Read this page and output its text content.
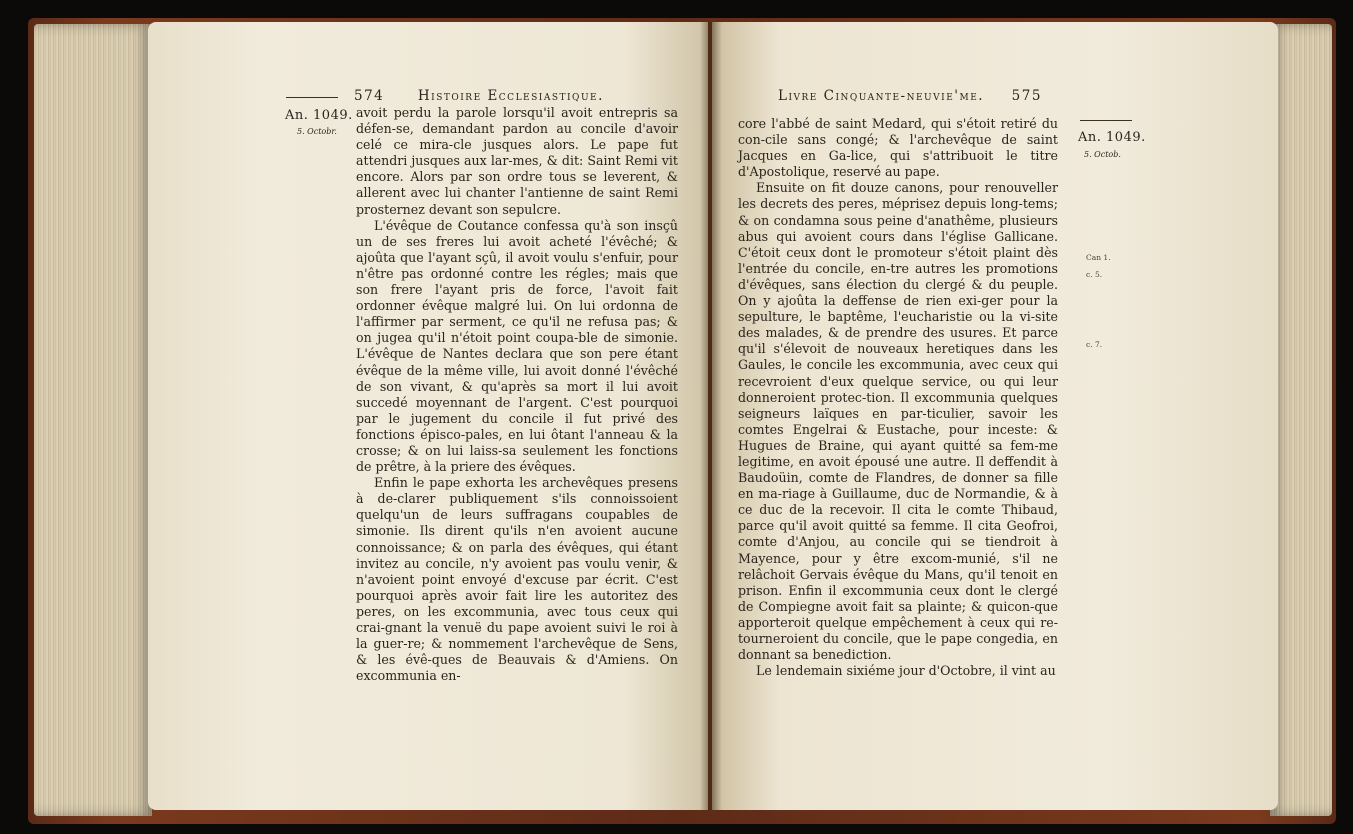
574 Histoire Ecclesiastique.
An. 1049.
5. Octobr.

avoit perdu la parole lorsqu'il avoit entrepris sa défen-se, demandant pardon au concile d'avoir celé ce mira-cle jusques alors. Le pape fut attendri jusques aux lar-mes, & dit: Saint Remi vit encore. Alors par son ordre tous se leverent, & allerent avec lui chanter l'antienne de saint Remi prosternez devant son sepulcre.

L'évêque de Coutance confessa qu'à son insçû un de ses freres lui avoit acheté l'évêché; & ajoûta que l'ayant sçû, il avoit voulu s'enfuir, pour n'être pas ordonné contre les régles; mais que son frere l'ayant pris de force, l'avoit fait ordonner évêque malgré lui. On lui ordonna de l'affirmer par serment, ce qu'il ne refusa pas; & on jugea qu'il n'étoit point coupa-ble de simonie. L'évêque de Nantes declara que son pere étant évêque de la même ville, lui avoit donné l'évêché de son vivant, & qu'après sa mort il lui avoit succedé moyennant de l'argent. C'est pourquoi par le jugement du concile il fut privé des fonctions épisco-pales, en lui ôtant l'anneau & la crosse; & on lui laiss-sa seulement les fonctions de prêtre, à la priere des évêques.

Enfin le pape exhorta les archevêques presens à de-clarer publiquement s'ils connoissoient quelqu'un de leurs suffragans coupables de simonie. Ils dirent qu'ils n'en avoient aucune connoissance; & on parla des évêques, qui étant invitez au concile, n'y avoient pas voulu venir, & n'avoient point envoyé d'excuse par écrit. C'est pourquoi après avoir fait lire les autoritez des peres, on les excommunia, avec tous ceux qui crai-gnant la venuë du pape avoient suivi le roi à la guer-re; & nommement l'archevêque de Sens, & les évê-ques de Beauvais & d'Amiens. On excommunia en-

Livre Cinquante-neuvie'me. 575
An. 1049.
5. Octob.
Can 1.
c. 5.
c. 7.

core l'abbé de saint Medard, qui s'étoit retiré du con-cile sans congé; & l'archevêque de saint Jacques en Ga-lice, qui s'attribuoit le titre d'Apostolique, reservé au pape.

Ensuite on fit douze canons, pour renouveller les decrets des peres, méprisez depuis long-tems; & on condamna sous peine d'anathême, plusieurs abus qui avoient cours dans l'église Gallicane. C'étoit ceux dont le promoteur s'étoit plaint dès l'entrée du concile, en-tre autres les promotions d'évêques, sans élection du clergé & du peuple. On y ajoûta la deffense de rien exi-ger pour la sepulture, le baptême, l'eucharistie ou la vi-site des malades, & de prendre des usures. Et parce qu'il s'élevoit de nouveaux heretiques dans les Gaules, le concile les excommunia, avec ceux qui recevroient d'eux quelque service, ou qui leur donneroient protec-tion. Il excommunia quelques seigneurs laïques en par-ticulier, savoir les comtes Engelrai & Eustache, pour inceste: & Hugues de Braine, qui ayant quitté sa fem-me legitime, en avoit épousé une autre. Il deffendit à Baudoüin, comte de Flandres, de donner sa fille en ma-riage à Guillaume, duc de Normandie, & à ce duc de la recevoir. Il cita le comte Thibaud, parce qu'il avoit quitté sa femme. Il cita Geofroi, comte d'Anjou, au concile qui se tiendroit à Mayence, pour y être excom-munié, s'il ne relâchoit Gervais évêque du Mans, qu'il tenoit en prison. Enfin il excommunia ceux dont le clergé de Compiegne avoit fait sa plainte; & quicon-que apporteroit quelque empêchement à ceux qui re-tourneroient du concile, que le pape congedia, en donnant sa benediction.

Le lendemain sixiéme jour d'Octobre, il vint au
